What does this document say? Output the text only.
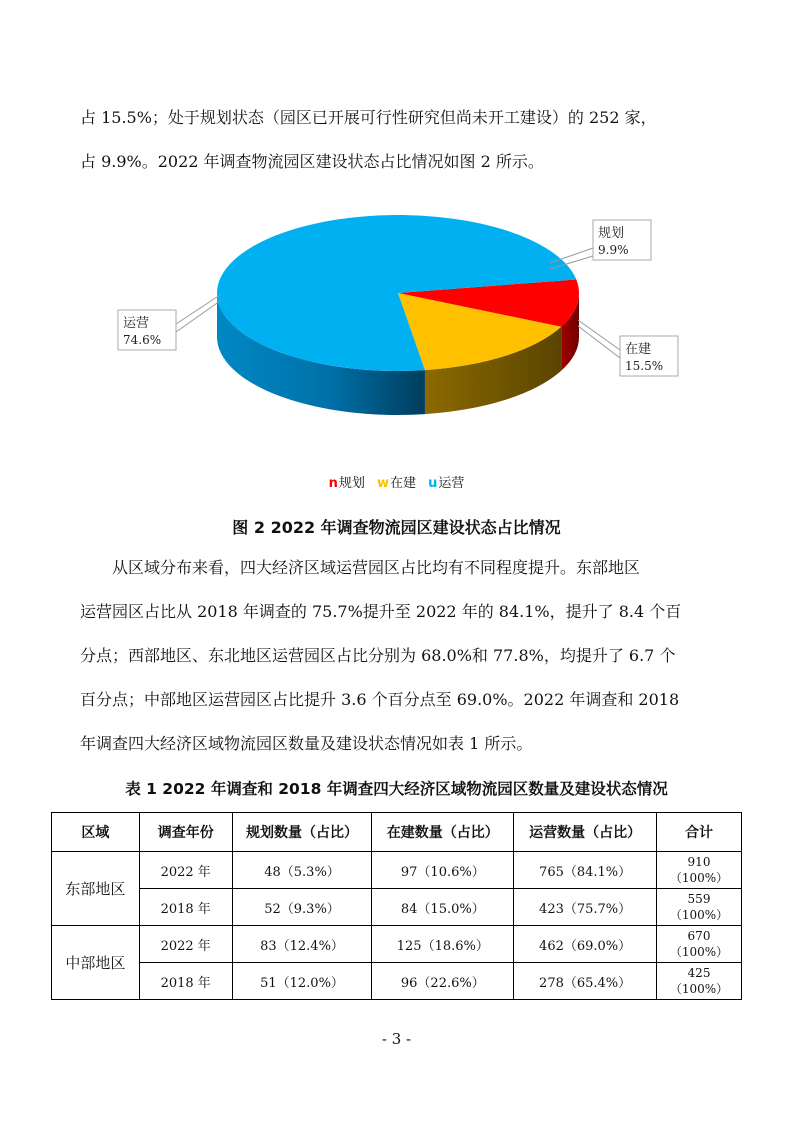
占 15.5%；处于规划状态（园区已开展可行性研究但尚未开工建设）的 252 家，
占 9.9%。2022 年调查物流园区建设状态占比情况如图 2 所示。

规划
9.9%
在建
15.5%
运营
74.6%
n规划 w在建 u运营
图 2 2022 年调查物流园区建设状态占比情况

从区域分布来看，四大经济区域运营园区占比均有不同程度提升。东部地区
运营园区占比从 2018 年调查的 75.7%提升至 2022 年的 84.1%，提升了 8.4 个百
分点；西部地区、东北地区运营园区占比分别为 68.0%和 77.8%，均提升了 6.7 个
百分点；中部地区运营园区占比提升 3.6 个百分点至 69.0%。2022 年调查和 2018
年调查四大经济区域物流园区数量及建设状态情况如表 1 所示。

表 1 2022 年调查和 2018 年调查四大经济区域物流园区数量及建设状态情况
区域	调查年份	规划数量（占比）	在建数量（占比）	运营数量（占比）	合计
东部地区	2022 年	48（5.3%）	97（10.6%）	765（84.1%）	910
（100%）
	2018 年	52（9.3%）	84（15.0%）	423（75.7%）	559
（100%）
中部地区	2022 年	83（12.4%）	125（18.6%）	462（69.0%）	670
（100%）
	2018 年	51（12.0%）	96（22.6%）	278（65.4%）	425
（100%）
- 3 -
